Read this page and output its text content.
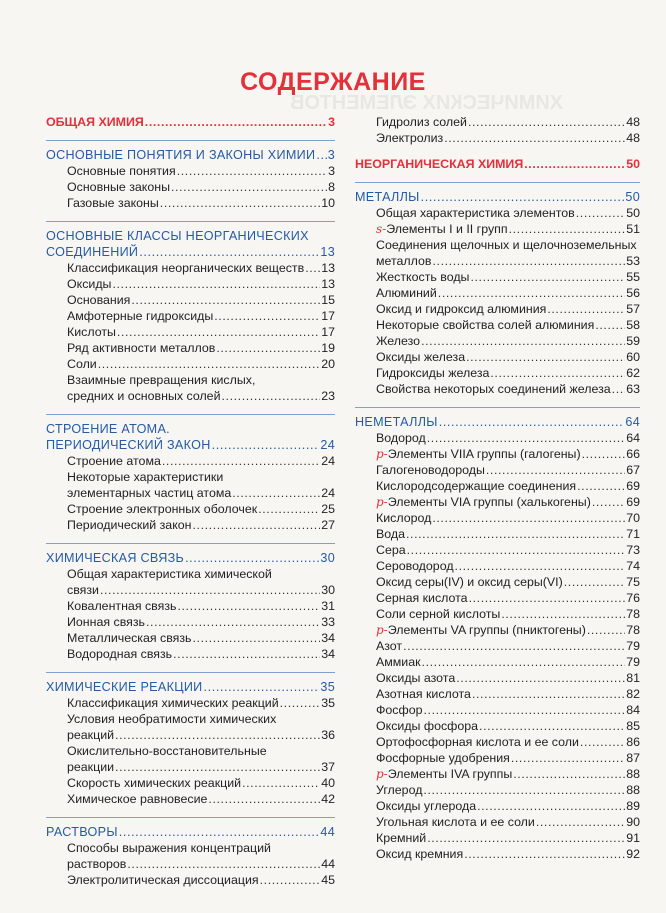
ХИМИЧЕСКИХ ЭЛЕМЕНТОВ
СОДЕРЖАНИЕ
ОБЩАЯ ХИМИЯ .....	3
ОСНОВНЫЕ ПОНЯТИЯ И ЗАКОНЫ ХИМИИ ..... 3
Основные понятия .....	3
Основные законы .....	8
Газовые законы .....	10
ОСНОВНЫЕ КЛАССЫ НЕОРГАНИЧЕСКИХ
СОЕДИНЕНИЙ .....	13
Классификация неорганических веществ ..... 13
Оксиды .....	13
Основания .....	15
Амфотерные гидроксиды .....	17
Кислоты .....	17
Ряд активности металлов .....	19
Соли .....	20
Взаимные превращения кислых,
средних и основных солей .....	23
СТРОЕНИЕ АТОМА.
ПЕРИОДИЧЕСКИЙ ЗАКОН .....	24
Строение атома .....	24
Некоторые характеристики
элементарных частиц атома .....	24
Строение электронных оболочек .....	25
Периодический закон .....	27
ХИМИЧЕСКАЯ СВЯЗЬ .....	30
Общая характеристика химической
связи .....	30
Ковалентная связь .....	31
Ионная связь .....	33
Металлическая связь .....	34
Водородная связь .....	34
ХИМИЧЕСКИЕ РЕАКЦИИ .....	35
Классификация химических реакций .....	35
Условия необратимости химических
реакций .....	36
Окислительно-восстановительные
реакции .....	37
Скорость химических реакций .....	40
Химическое равновесие .....	42
РАСТВОРЫ .....	44
Способы выражения концентраций
растворов .....	44
Электролитическая диссоциация .....	45
Гидролиз солей .....	48
Электролиз .....	48
НЕОРГАНИЧЕСКАЯ ХИМИЯ .....	50
МЕТАЛЛЫ .....	50
Общая характеристика элементов .....	50
s-Элементы I и II групп .....	51
Соединения щелочных и щелочноземельных
металлов .....	53
Жесткость воды .....	55
Алюминий .....	56
Оксид и гидроксид алюминия .....	57
Некоторые свойства солей алюминия .....	58
Железо .....	59
Оксиды железа .....	60
Гидроксиды железа .....	62
Свойства некоторых соединений железа ..... 63
НЕМЕТАЛЛЫ .....	64
Водород .....	64
p-Элементы VIIA группы (галогены) .....	66
Галогеноводороды .....	67
Кислородсодержащие соединения .....	69
p-Элементы VIA группы (халькогены) .....	69
Кислород .....	70
Вода .....	71
Сера .....	73
Сероводород .....	74
Оксид серы(IV) и оксид серы(VI) .....	75
Серная кислота .....	76
Соли серной кислоты .....	78
p-Элементы VA группы (пниктогены) .....	78
Азот .....	79
Аммиак .....	79
Оксиды азота .....	81
Азотная кислота .....	82
Фосфор .....	84
Оксиды фосфора .....	85
Ортофосфорная кислота и ее соли .....	86
Фосфорные удобрения .....	87
p-Элементы IVA группы .....	88
Углерод .....	88
Оксиды углерода .....	89
Угольная кислота и ее соли .....	90
Кремний .....	91
Оксид кремния .....	92
